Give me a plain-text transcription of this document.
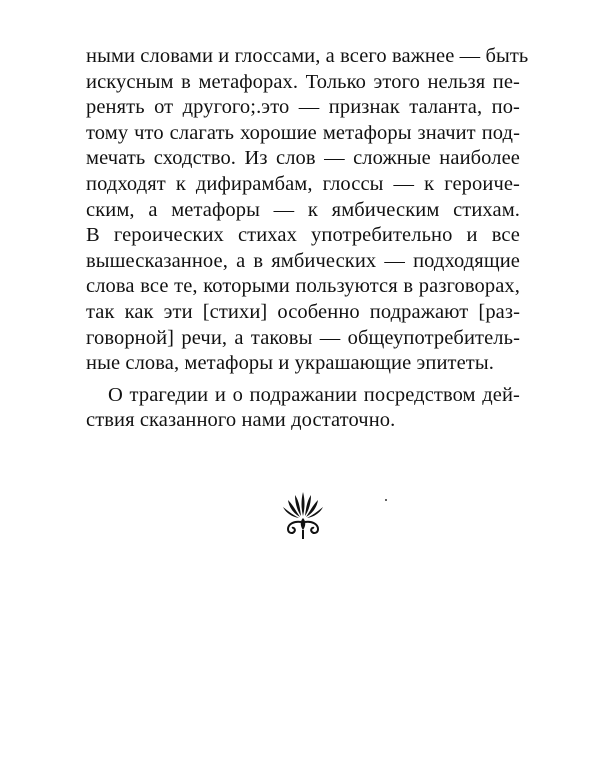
ными словами и глоссами, а всего важнее — быть
искусным в метафорах. Только этого нельзя пе-
ренять от другого;.это — признак таланта, по-
тому что слагать хорошие метафоры значит под-
мечать сходство. Из слов — сложные наиболее
подходят к дифирамбам, глоссы — к героиче-
ским, а метафоры — к ямбическим стихам.
В героических стихах употребительно и все
вышесказанное, а в ямбических — подходящие
слова все те, которыми пользуются в разговорах,
так как эти [стихи] особенно подражают [раз-
говорной] речи, а таковы — общеупотребитель-
ные слова, метафоры и украшающие эпитеты.
О трагедии и о подражании посредством дей-
ствия сказанного нами достаточно.
